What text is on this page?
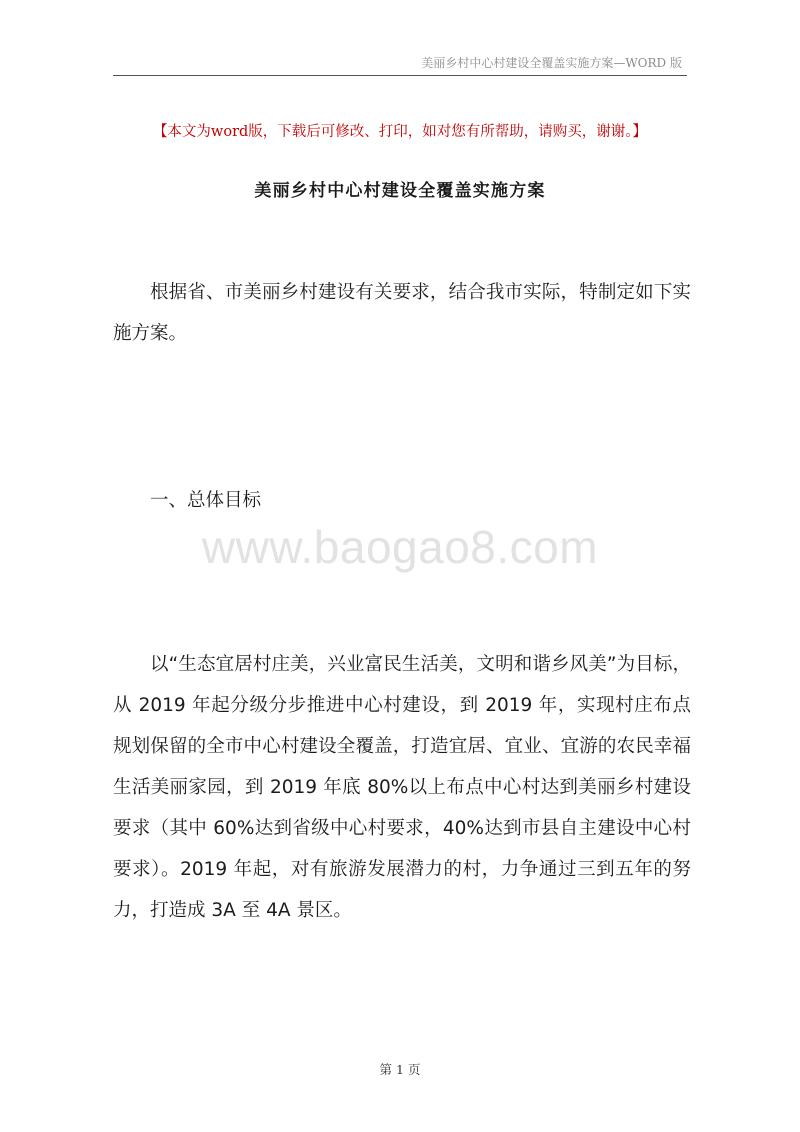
美丽乡村中心村建设全覆盖实施方案—WORD 版
【本文为word版，下载后可修改、打印，如对您有所帮助，请购买，谢谢。】
美丽乡村中心村建设全覆盖实施方案

根据省、市美丽乡村建设有关要求，结合我市实际，特制定如下实施方案。

一、总体目标

www.baogao8.com

以“生态宜居村庄美，兴业富民生活美，文明和谐乡风美”为目标，从 2019 年起分级分步推进中心村建设，到 2019 年，实现村庄布点规划保留的全市中心村建设全覆盖，打造宜居、宜业、宜游的农民幸福生活美丽家园，到 2019 年底 80%以上布点中心村达到美丽乡村建设要求（其中 60%达到省级中心村要求，40%达到市县自主建设中心村要求）。2019 年起，对有旅游发展潜力的村，力争通过三到五年的努力，打造成 3A 至 4A 景区。

第 1 页
